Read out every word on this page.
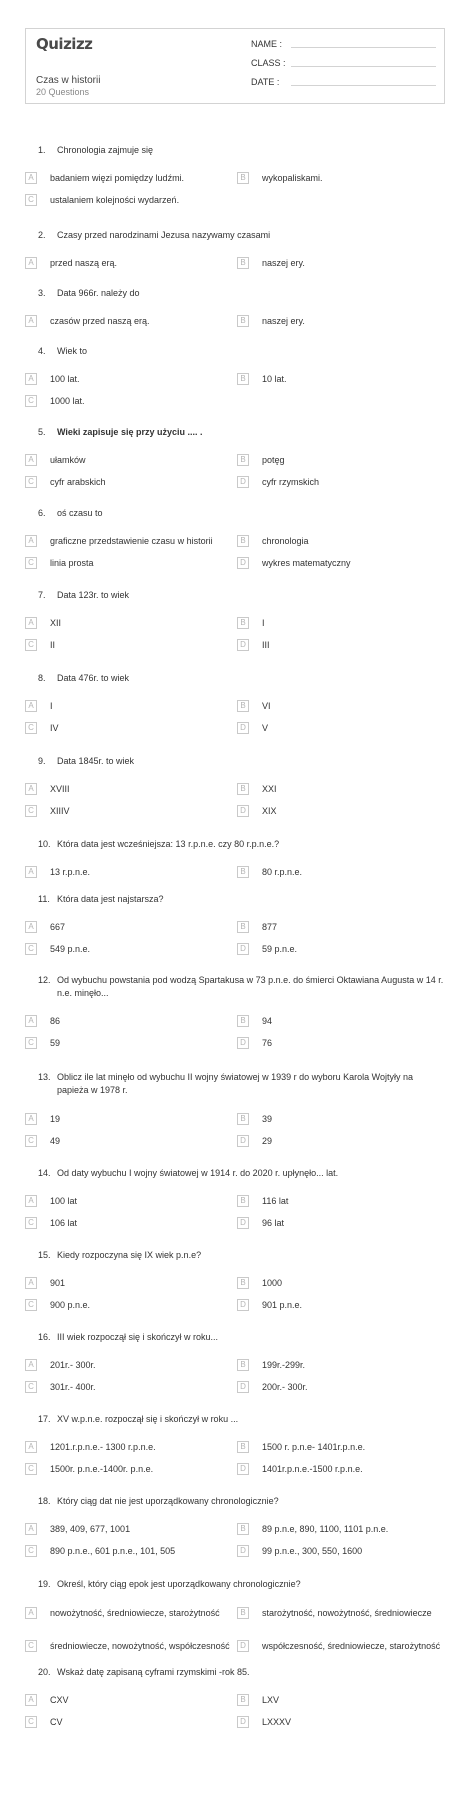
Quizizz
Czas w historii
20 Questions
NAME :
CLASS :
DATE :
1.	Chronologia zajmuje się
A	badaniem więzi pomiędzy ludźmi.	B	wykopaliskami.
C	ustalaniem kolejności wydarzeń.
2.	Czasy przed narodzinami Jezusa nazywamy czasami
A	przed naszą erą.	B	naszej ery.
3.	Data 966r. należy do
A	czasów przed naszą erą.	B	naszej ery.
4.	Wiek to
A	100 lat.	B	10 lat.
C	1000 lat.
5.	Wieki zapisuje się przy użyciu .... .
A	ułamków	B	potęg
C	cyfr arabskich	D	cyfr rzymskich
6.	oś czasu to
A	graficzne przedstawienie czasu w historii	B	chronologia
C	linia prosta	D	wykres matematyczny
7.	Data 123r. to wiek
A	XII	B	I
C	II	D	III
8.	Data 476r. to wiek
A	I	B	VI
C	IV	D	V
9.	Data 1845r. to wiek
A	XVIII	B	XXI
C	XIIIV	D	XIX
10. Która data jest wcześniejsza: 13 r.p.n.e. czy 80 r.p.n.e.?
A	13 r.p.n.e.	B	80 r.p.n.e.
11. Która data jest najstarsza?
A	667	B	877
C	549 p.n.e.	D	59 p.n.e.
12. Od wybuchu powstania pod wodzą Spartakusa w 73 p.n.e. do śmierci Oktawiana Augusta w 14 r. n.e. minęło...
A	86	B	94
C	59	D	76
13. Oblicz ile lat minęło od wybuchu II wojny światowej w 1939 r do wyboru Karola Wojtyły na papieża w 1978 r.
A	19	B	39
C	49	D	29
14. Od daty wybuchu I wojny światowej w 1914 r. do 2020 r. upłynęło... lat.
A	100 lat	B	116 lat
C	106 lat	D	96 lat
15. Kiedy rozpoczyna się IX wiek p.n.e?
A	901	B	1000
C	900 p.n.e.	D	901 p.n.e.
16. III wiek rozpoczął się i skończył w roku...
A	201r.- 300r.	B	199r.-299r.
C	301r.- 400r.	D	200r.- 300r.
17. XV w.p.n.e. rozpoczął się i skończył w roku ...
A	1201.r.p.n.e.- 1300 r.p.n.e.	B	1500 r. p.n.e- 1401r.p.n.e.
C	1500r. p.n.e.-1400r. p.n.e.	D	1401r.p.n.e.-1500 r.p.n.e.
18. Który ciąg dat nie jest uporządkowany chronologicznie?
A	389, 409, 677, 1001	B	89 p.n.e, 890, 1100, 1101 p.n.e.
C	890 p.n.e., 601 p.n.e., 101, 505	D	99 p.n.e., 300, 550, 1600
19. Określ, który ciąg epok jest uporządkowany chronologicznie?
A	nowożytność, średniowiecze, starożytność	B	starożytność, nowożytność, średniowiecze
C	średniowiecze, nowożytność, współczesność	D	współczesność, średniowiecze, starożytność
20. Wskaż datę zapisaną cyframi rzymskimi -rok 85.
A	CXV	B	LXV
C	CV	D	LXXXV
